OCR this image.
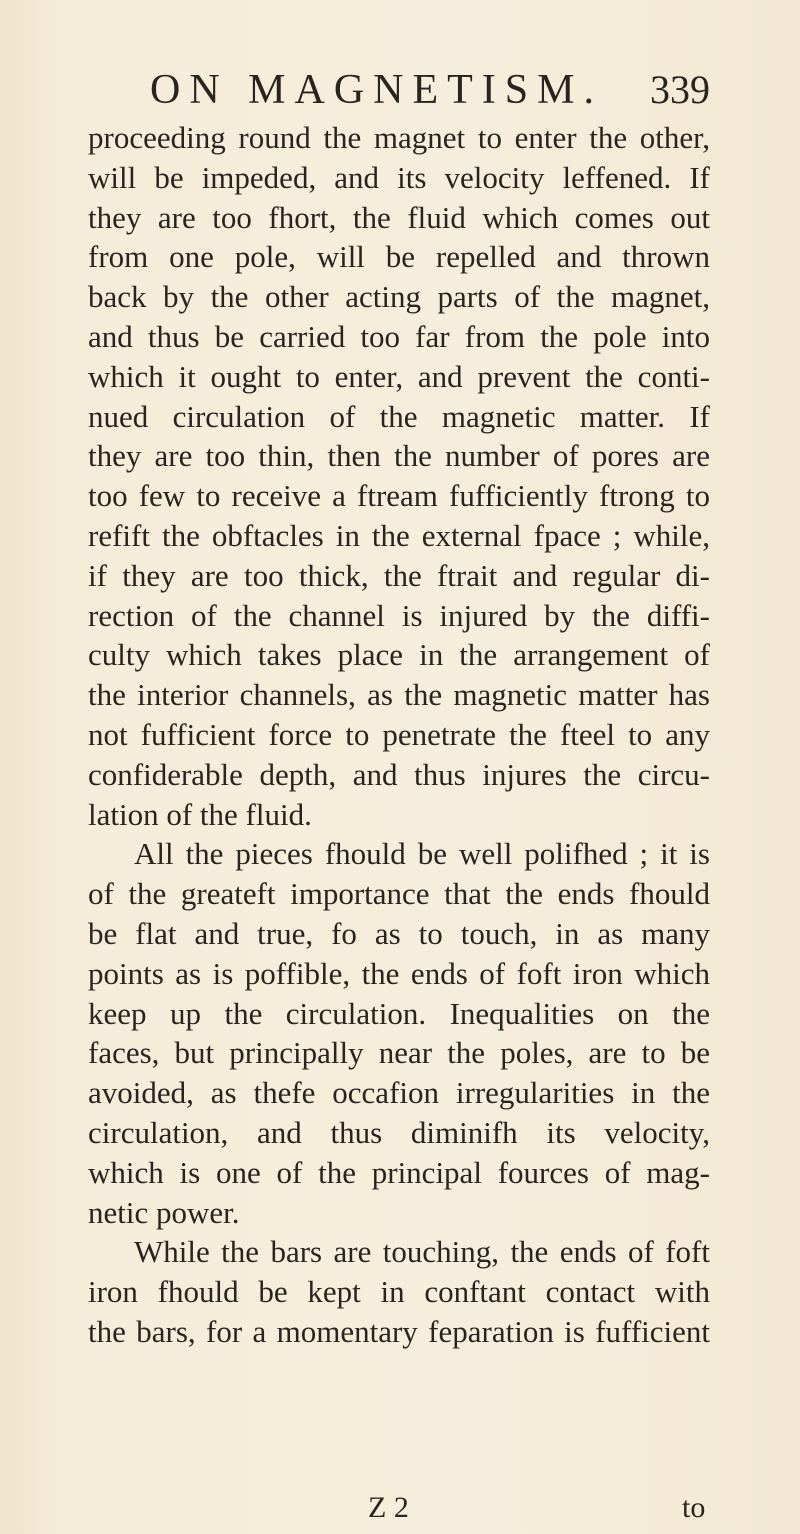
ON MAGNETISM. 339
proceeding round the magnet to enter the other,
will be impeded, and its velocity leffened. If
they are too fhort, the fluid which comes out
from one pole, will be repelled and thrown
back by the other acting parts of the magnet,
and thus be carried too far from the pole into
which it ought to enter, and prevent the conti-
nued circulation of the magnetic matter. If
they are too thin, then the number of pores are
too few to receive a ftream fufficiently ftrong to
refift the obftacles in the external fpace ; while,
if they are too thick, the ftrait and regular di-
rection of the channel is injured by the diffi-
culty which takes place in the arrangement of
the interior channels, as the magnetic matter has
not fufficient force to penetrate the fteel to any
confiderable depth, and thus injures the circu-
lation of the fluid.
All the pieces fhould be well polifhed ; it is
of the greateft importance that the ends fhould
be flat and true, fo as to touch, in as many
points as is poffible, the ends of foft iron which
keep up the circulation. Inequalities on the
faces, but principally near the poles, are to be
avoided, as thefe occafion irregularities in the
circulation, and thus diminifh its velocity,
which is one of the principal fources of mag-
netic power.
While the bars are touching, the ends of foft
iron fhould be kept in conftant contact with
the bars, for a momentary feparation is fufficient
Z 2	to
